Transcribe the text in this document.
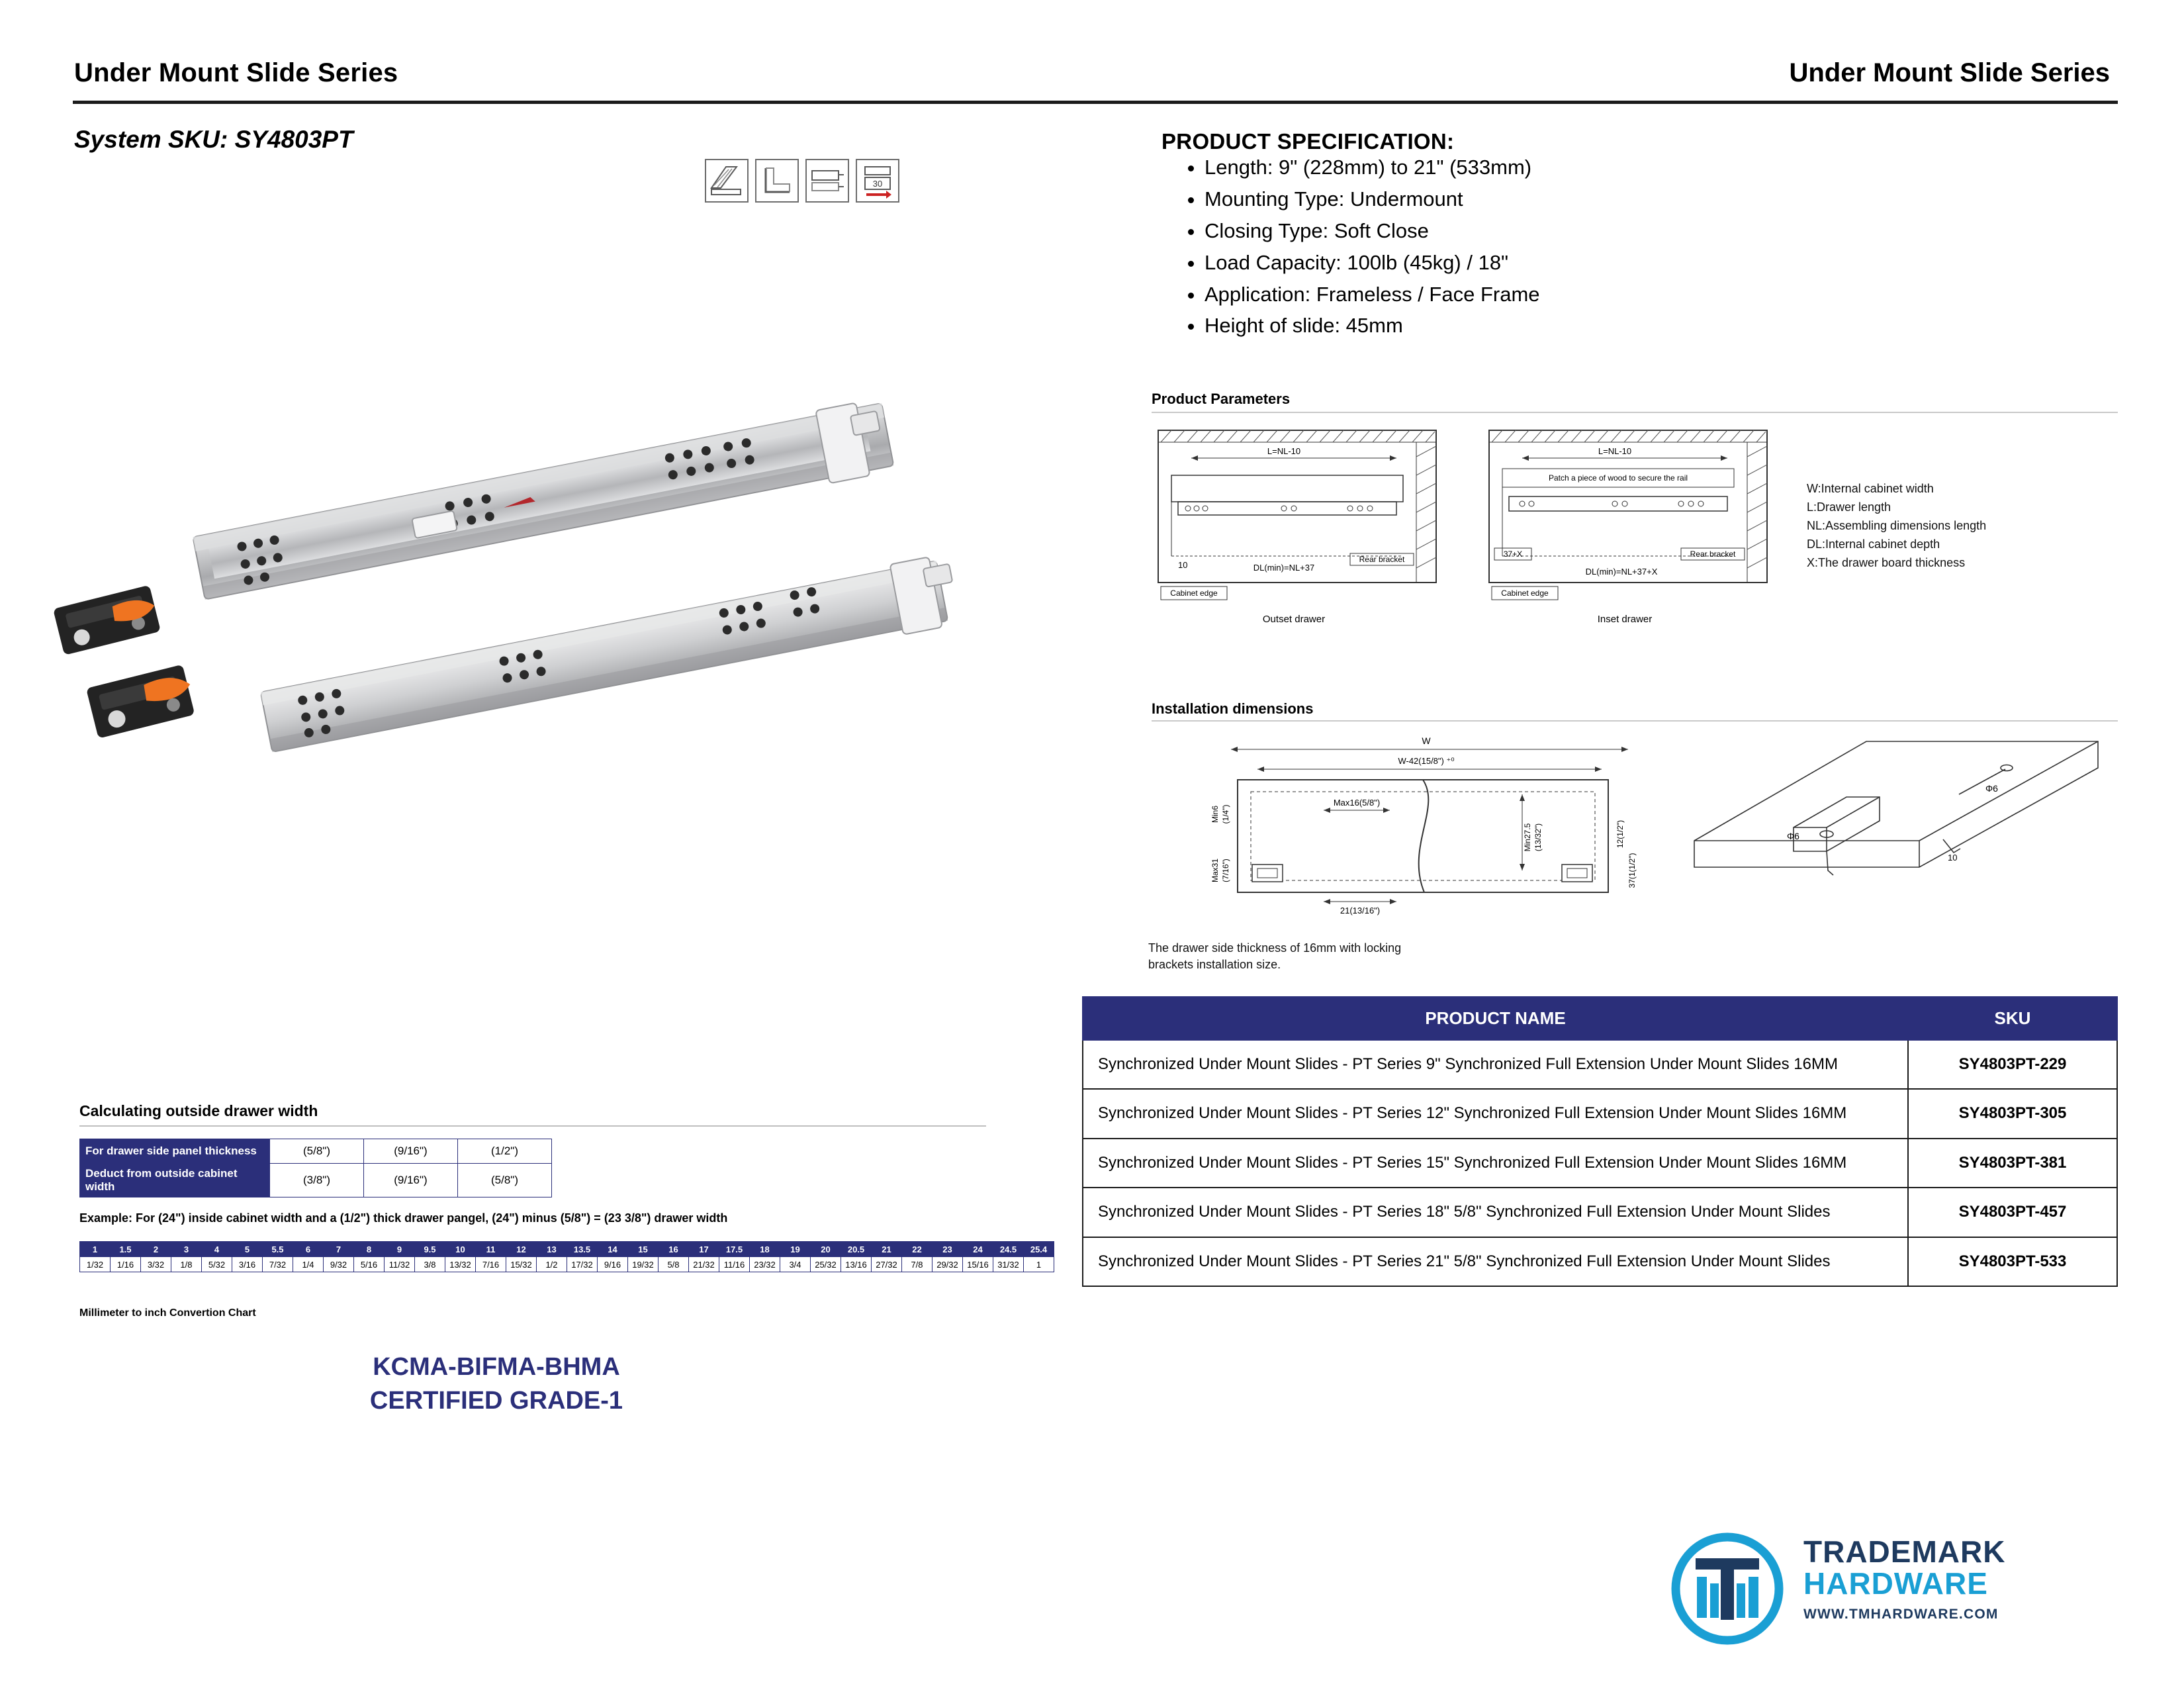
Under Mount Slide Series	Under Mount Slide Series
System SKU: SY4803PT
30
Calculating outside drawer width
For drawer side panel thickness	(5/8")	(9/16")	(1/2")
Deduct from outside cabinet width	(3/8")	(9/16")	(5/8")
Example: For (24") inside cabinet width and a (1/2") thick drawer pangel, (24") minus (5/8") = (23 3/8") drawer width
1	1.5	2	3	4	5	5.5	6	7	8	9	9.5	10	11	12	13	13.5	14	15	16	17	17.5	18	19	20	20.5	21	22	23	24	24.5	25.4
1/32	1/16	3/32	1/8	5/32	3/16	7/32	1/4	9/32	5/16	11/32	3/8	13/32	7/16	15/32	1/2	17/32	9/16	19/32	5/8	21/32	11/16	23/32	3/4	25/32	13/16	27/32	7/8	29/32	15/16	31/32	1
Millimeter to inch Convertion Chart
KCMA-BIFMA-BHMA
CERTIFIED GRADE-1
PRODUCT SPECIFICATION:
• Length: 9" (228mm) to 21" (533mm)
• Mounting Type: Undermount
• Closing Type: Soft Close
• Load Capacity: 100lb (45kg) / 18"
• Application: Frameless / Face Frame
• Height of slide: 45mm
Product Parameters
L=NL-10
10	DL(min)=NL+37
Rear bracket
Cabinet edge
Outset drawer
L=NL-10
Patch a piece of wood to secure the rail
37+X
DL(min)=NL+37+X
Rear bracket
Cabinet edge
Inset drawer
W:Internal cabinet width
L:Drawer length
NL:Assembling dimensions length
DL:Internal cabinet depth
X:The drawer board thickness
Installation dimensions
W
W-42(15/8") ⁺⁰
Max16(5/8")
21(13/16")
Min6 (1/4")
Max31 (7/16")
Min27.5 (13/32")	12(1/2")
37(1(1/2")
Φ6
Φ6
10
The drawer side thickness of 16mm with locking
brackets installation size.
PRODUCT NAME	SKU
Synchronized Under Mount Slides - PT Series 9" Synchronized Full Extension Under Mount Slides 16MM	SY4803PT-229
Synchronized Under Mount Slides - PT Series 12" Synchronized Full Extension Under Mount Slides 16MM	SY4803PT-305
Synchronized Under Mount Slides - PT Series 15" Synchronized Full Extension Under Mount Slides 16MM	SY4803PT-381
Synchronized Under Mount Slides - PT Series 18" 5/8" Synchronized Full Extension Under Mount Slides	SY4803PT-457
Synchronized Under Mount Slides - PT Series 21" 5/8" Synchronized Full Extension Under Mount Slides	SY4803PT-533
TRADEMARK
HARDWARE
WWW.TMHARDWARE.COM
